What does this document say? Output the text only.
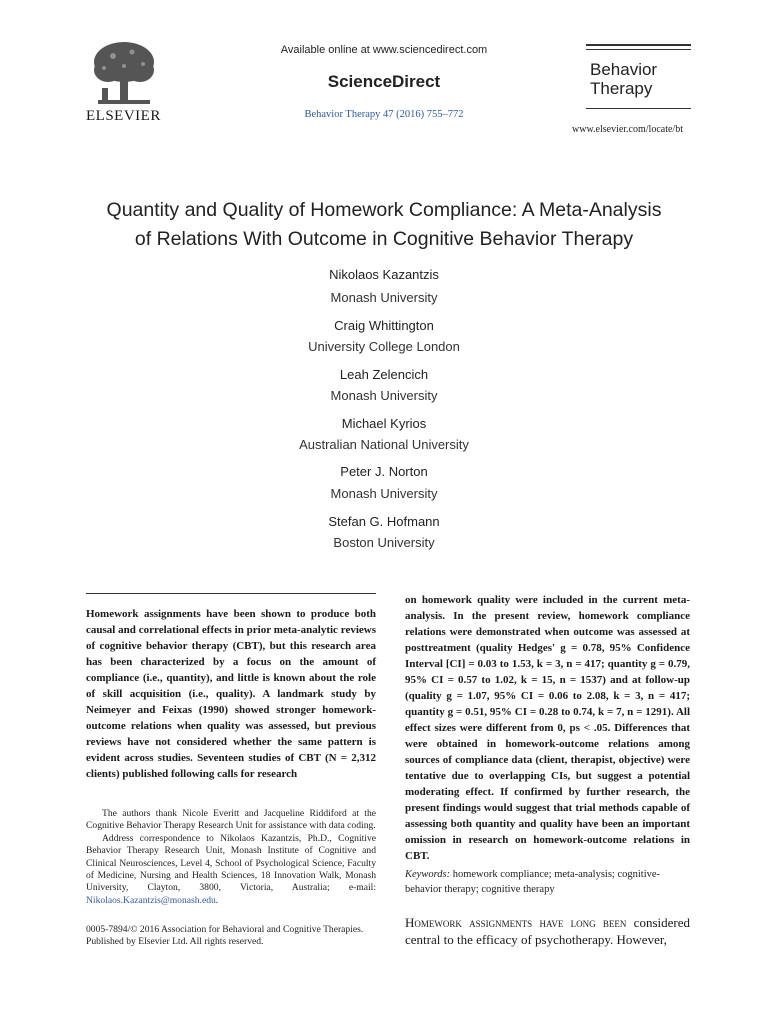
ELSEVIER
Available online at www.sciencedirect.com
ScienceDirect
Behavior Therapy 47 (2016) 755–772
Behavior
Therapy
www.elsevier.com/locate/bt
Quantity and Quality of Homework Compliance: A Meta-Analysis
of Relations With Outcome in Cognitive Behavior Therapy
Nikolaos Kazantzis
Monash University
Craig Whittington
University College London
Leah Zelencich
Monash University
Michael Kyrios
Australian National University
Peter J. Norton
Monash University
Stefan G. Hofmann
Boston University
Homework assignments have been shown to produce both causal and correlational effects in prior meta-analytic reviews of cognitive behavior therapy (CBT), but this research area has been characterized by a focus on the amount of compliance (i.e., quantity), and little is known about the role of skill acquisition (i.e., quality). A landmark study by Neimeyer and Feixas (1990) showed stronger homework-outcome relations when quality was assessed, but previous reviews have not considered whether the same pattern is evident across studies. Seventeen studies of CBT (N = 2,312 clients) published following calls for research
on homework quality were included in the current meta-analysis. In the present review, homework compliance relations were demonstrated when outcome was assessed at posttreatment (quality Hedges' g = 0.78, 95% Confidence Interval [CI] = 0.03 to 1.53, k = 3, n = 417; quantity g = 0.79, 95% CI = 0.57 to 1.02, k = 15, n = 1537) and at follow-up (quality g = 1.07, 95% CI = 0.06 to 2.08, k = 3, n = 417; quantity g = 0.51, 95% CI = 0.28 to 0.74, k = 7, n = 1291). All effect sizes were different from 0, ps < .05. Differences that were obtained in homework-outcome relations among sources of compliance data (client, therapist, objective) were tentative due to overlapping CIs, but suggest a potential moderating effect. If confirmed by further research, the present findings would suggest that trial methods capable of assessing both quantity and quality have been an important omission in research on homework-outcome relations in CBT.

The authors thank Nicole Everitt and Jacqueline Riddiford at the Cognitive Behavior Therapy Research Unit for assistance with data coding.

Address correspondence to Nikolaos Kazantzis, Ph.D., Cognitive Behavior Therapy Research Unit, Monash Institute of Cognitive and Clinical Neurosciences, Level 4, School of Psychological Science, Faculty of Medicine, Nursing and Health Sciences, 18 Innovation Walk, Monash University, Clayton, 3800, Victoria, Australia; e-mail: Nikolaos.Kazantzis@monash.edu.

0005-7894/© 2016 Association for Behavioral and Cognitive Therapies. Published by Elsevier Ltd. All rights reserved.
Keywords: homework compliance; meta-analysis; cognitive-behavior therapy; cognitive therapy
Homework assignments have long been considered central to the efficacy of psychotherapy. However,
